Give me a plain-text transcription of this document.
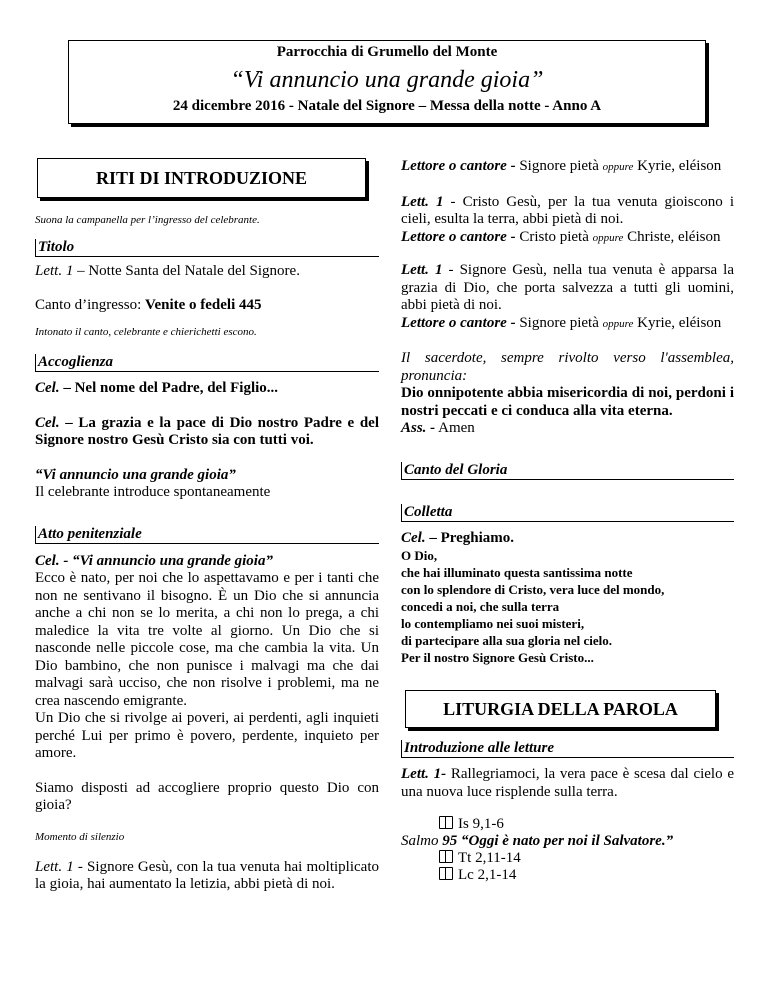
Parrocchia di Grumello del Monte
“Vi annuncio una grande gioia”
24 dicembre 2016 - Natale del Signore – Messa della notte - Anno A
RITI DI INTRODUZIONE
Suona la campanella per l’ingresso del celebrante.
Titolo
Lett. 1 – Notte Santa del Natale del Signore.
Canto d’ingresso: Venite o fedeli 445
Intonato il canto, celebrante e chierichetti escono.
Accoglienza
Cel. – Nel nome del Padre, del Figlio...
Cel. – La grazia e la pace di Dio nostro Padre e del Signore nostro Gesù Cristo sia con tutti voi.
“Vi annuncio una grande gioia”
Il celebrante introduce spontaneamente
Atto penitenziale
Cel. - “Vi annuncio una grande gioia”
Ecco è nato, per noi che lo aspettavamo e per i tanti che non ne sentivano il bisogno. È un Dio che si annuncia anche a chi non se lo merita, a chi non lo prega, a chi maledice la vita tre volte al giorno. Un Dio che si nasconde nelle piccole cose, ma che cambia la vita. Un Dio bambino, che non punisce i malvagi ma che dai malvagi sarà ucciso, che non risolve i problemi, ma ne crea nascendo emigrante.
Un Dio che si rivolge ai poveri, ai perdenti, agli inquieti perché Lui per primo è povero, perdente, inquieto per amore.
Siamo disposti ad accogliere proprio questo Dio con gioia?
Momento di silenzio
Lett. 1 - Signore Gesù, con la tua venuta hai moltiplicato la gioia, hai aumentato la letizia, abbi pietà di noi.
Lettore o cantore - Signore pietà oppure Kyrie, eléison
Lett. 1 - Cristo Gesù, per la tua venuta gioiscono i cieli, esulta la terra, abbi pietà di noi.
Lettore o cantore - Cristo pietà oppure Christe, eléison
Lett. 1 - Signore Gesù, nella tua venuta è apparsa la grazia di Dio, che porta salvezza a tutti gli uomini, abbi pietà di noi.
Lettore o cantore - Signore pietà oppure Kyrie, eléison
Il sacerdote, sempre rivolto verso l'assemblea, pronuncia:
Dio onnipotente abbia misericordia di noi, perdoni i nostri peccati e ci conduca alla vita eterna.
Ass. - Amen
Canto del Gloria
Colletta
Cel. – Preghiamo.
O Dio,
che hai illuminato questa santissima notte
con lo splendore di Cristo, vera luce del mondo,
concedi a noi, che sulla terra
lo contempliamo nei suoi misteri,
di partecipare alla sua gloria nel cielo.
Per il nostro Signore Gesù Cristo...
LITURGIA DELLA PAROLA
Introduzione alle letture
Lett. 1- Rallegriamoci, la vera pace è scesa dal cielo e una nuova luce risplende sulla terra.
Is 9,1-6
Salmo 95 “Oggi è nato per noi il Salvatore.”
Tt 2,11-14
Lc 2,1-14
